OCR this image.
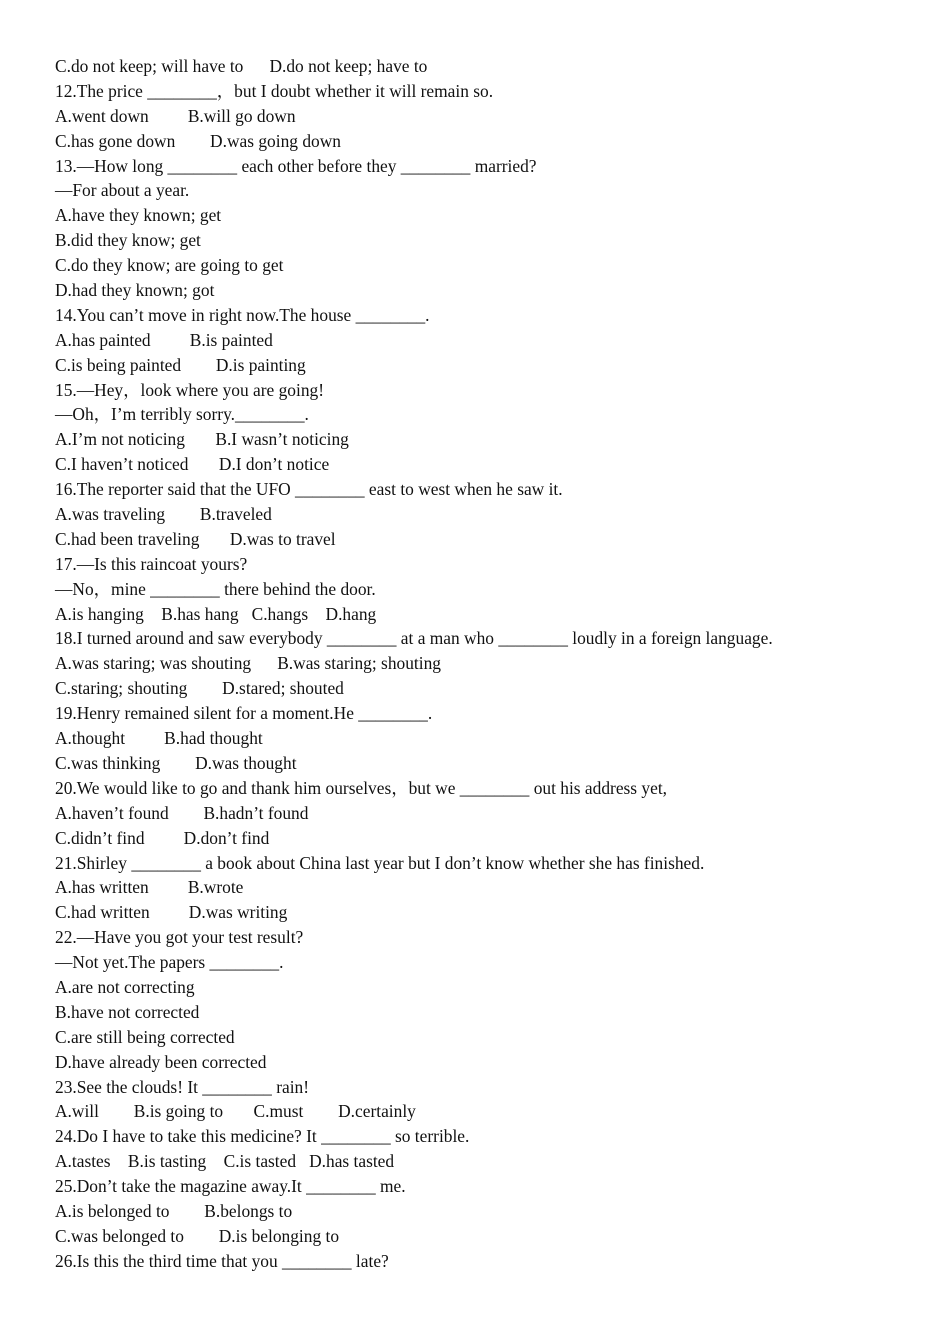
C.do not keep; will have to      D.do not keep; have to
12.The price ________，but I doubt whether it will remain so.
A.went down         B.will go down
C.has gone down        D.was going down
13.—How long ________ each other before they ________ married?
—For about a year.
A.have they known; get
B.did they know; get
C.do they know; are going to get
D.had they known; got
14.You can’t move in right now.The house ________.
A.has painted         B.is painted
C.is being painted        D.is painting
15.—Hey，look where you are going!
—Oh，I’m terribly sorry.________.
A.I’m not noticing       B.I wasn’t noticing
C.I haven’t noticed       D.I don’t notice
16.The reporter said that the UFO ________ east to west when he saw it.
A.was traveling        B.traveled
C.had been traveling       D.was to travel
17.—Is this raincoat yours?
—No，mine ________ there behind the door.
A.is hanging    B.has hang   C.hangs    D.hang
18.I turned around and saw everybody ________ at a man who ________ loudly in a foreign language.
A.was staring; was shouting      B.was staring; shouting
C.staring; shouting        D.stared; shouted
19.Henry remained silent for a moment.He ________.
A.thought         B.had thought
C.was thinking        D.was thought
20.We would like to go and thank him ourselves，but we ________ out his address yet,
A.haven’t found        B.hadn’t found
C.didn’t find         D.don’t find
21.Shirley ________ a book about China last year but I don’t know whether she has finished.
A.has written         B.wrote
C.had written         D.was writing
22.—Have you got your test result?
—Not yet.The papers ________.
A.are not correcting
B.have not corrected
C.are still being corrected
D.have already been corrected
23.See the clouds! It ________ rain!
A.will        B.is going to       C.must        D.certainly
24.Do I have to take this medicine? It ________ so terrible.
A.tastes    B.is tasting    C.is tasted   D.has tasted
25.Don’t take the magazine away.It ________ me.
A.is belonged to        B.belongs to
C.was belonged to        D.is belonging to
26.Is this the third time that you ________ late?
